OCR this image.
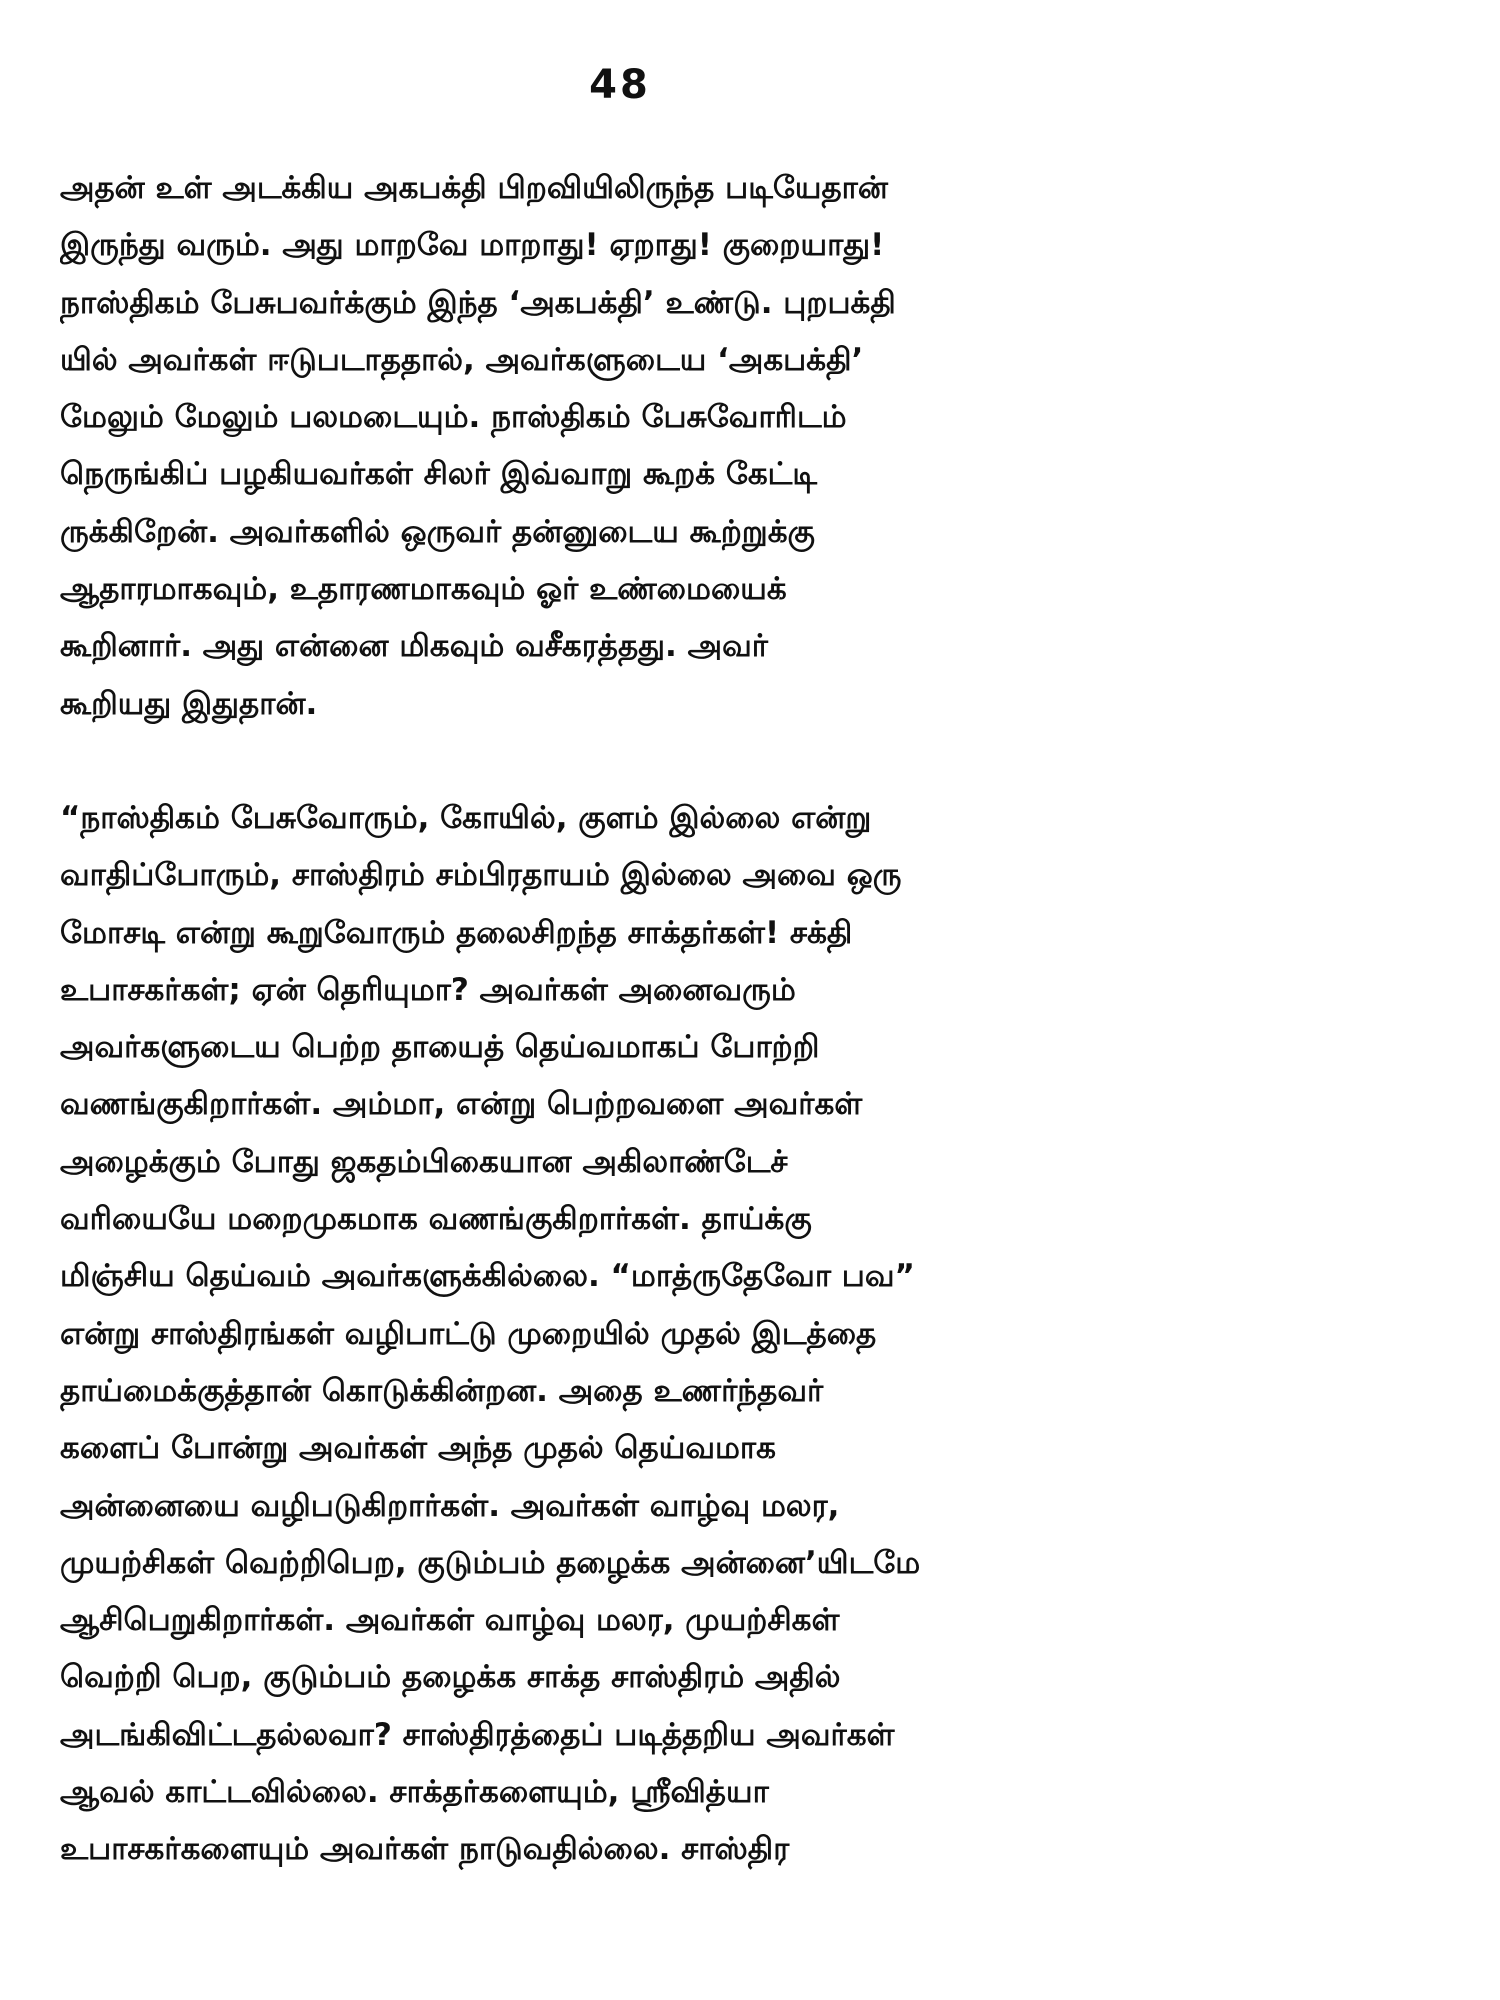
48
அதன் உள் அடக்கிய அகபக்தி பிறவியிலிருந்த படியேதான்
இருந்து வரும். அது மாறவே மாறாது! ஏறாது! குறையாது!
நாஸ்திகம் பேசுபவர்க்கும் இந்த ‘அகபக்தி’ உண்டு. புறபக்தி
யில் அவர்கள் ஈடுபடாததால், அவர்களுடைய ‘அகபக்தி’
மேலும் மேலும் பலமடையும். நாஸ்திகம் பேசுவோரிடம்
நெருங்கிப் பழகியவர்கள் சிலர் இவ்வாறு கூறக் கேட்டி
ருக்கிறேன். அவர்களில் ஒருவர் தன்னுடைய கூற்றுக்கு
ஆதாரமாகவும், உதாரணமாகவும் ஓர் உண்மையைக்
கூறினார். அது என்னை மிகவும் வசீகரத்தது. அவர்
கூறியது இதுதான்.
“நாஸ்திகம் பேசுவோரும், கோயில், குளம் இல்லை என்று
வாதிப்போரும், சாஸ்திரம் சம்பிரதாயம் இல்லை அவை ஒரு
மோசடி என்று கூறுவோரும் தலைசிறந்த சாக்தர்கள்! சக்தி
உபாசகர்கள்; ஏன் தெரியுமா? அவர்கள் அனைவரும்
அவர்களுடைய பெற்ற தாயைத் தெய்வமாகப் போற்றி
வணங்குகிறார்கள். அம்மா, என்று பெற்றவளை அவர்கள்
அழைக்கும் போது ஜகதம்பிகையான அகிலாண்டேச்
வரியையே மறைமுகமாக வணங்குகிறார்கள். தாய்க்கு
மிஞ்சிய தெய்வம் அவர்களுக்கில்லை. “மாத்ருதேவோ பவ”
என்று சாஸ்திரங்கள் வழிபாட்டு முறையில் முதல் இடத்தை
தாய்மைக்குத்தான் கொடுக்கின்றன. அதை உணர்ந்தவர்
களைப் போன்று அவர்கள் அந்த முதல் தெய்வமாக
அன்னையை வழிபடுகிறார்கள். அவர்கள் வாழ்வு மலர,
முயற்சிகள் வெற்றிபெற, குடும்பம் தழைக்க அன்னை’யிடமே
ஆசிபெறுகிறார்கள். அவர்கள் வாழ்வு மலர, முயற்சிகள்
வெற்றி பெற, குடும்பம் தழைக்க சாக்த சாஸ்திரம் அதில்
அடங்கிவிட்டதல்லவா? சாஸ்திரத்தைப் படித்தறிய அவர்கள்
ஆவல் காட்டவில்லை. சாக்தர்களையும், ஸ்ரீவித்யா
உபாசகர்களையும் அவர்கள் நாடுவதில்லை. சாஸ்திர
